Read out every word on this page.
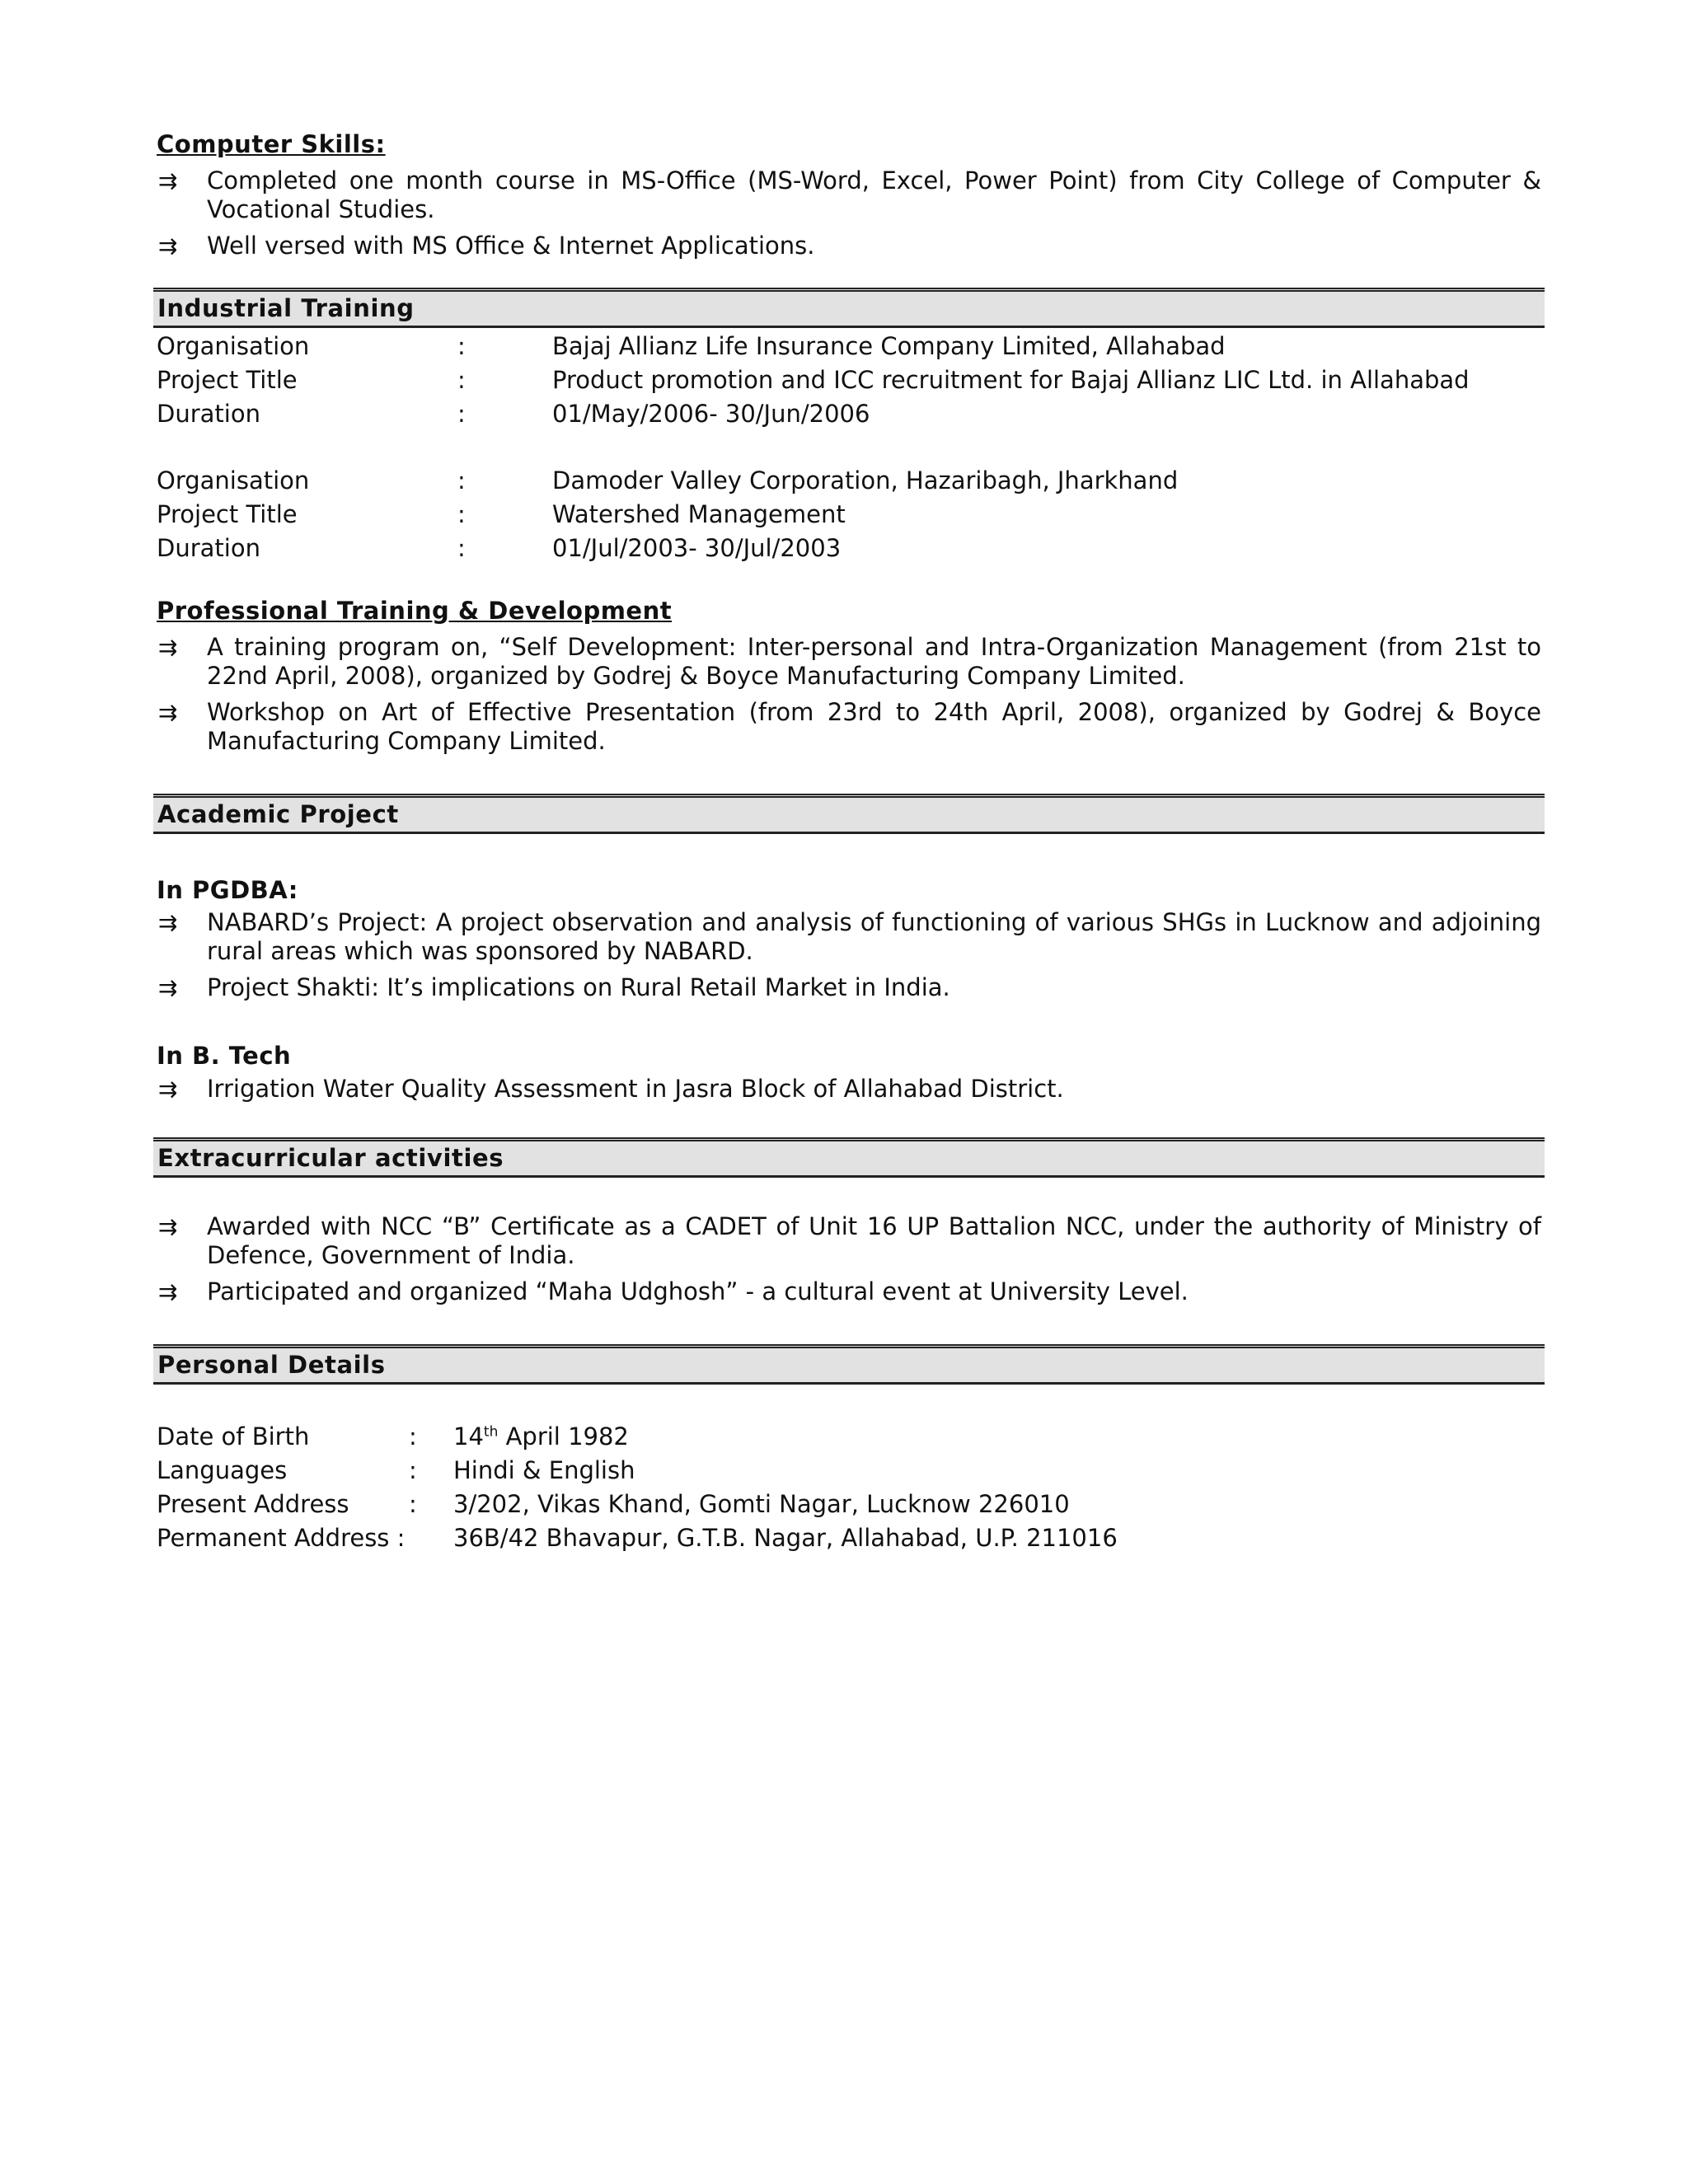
Computer Skills:

⇉ Completed one month course in MS-Office (MS-Word, Excel, Power Point) from City College of Computer & Vocational Studies.
⇉ Well versed with MS Office & Internet Applications.
Industrial Training
Organisation	:	Bajaj Allianz Life Insurance Company Limited, Allahabad
Project Title	:	Product promotion and ICC recruitment for Bajaj Allianz LIC Ltd. in Allahabad
Duration	:	01/May/2006- 30/Jun/2006
Organisation	:	Damoder Valley Corporation, Hazaribagh, Jharkhand
Project Title	:	Watershed Management
Duration	:	01/Jul/2003- 30/Jul/2003

Professional Training & Development

⇉ A training program on, “Self Development: Inter-personal and Intra-Organization Management (from 21st to 22nd April, 2008), organized by Godrej & Boyce Manufacturing Company Limited.
⇉ Workshop on Art of Effective Presentation (from 23rd to 24th April, 2008), organized by Godrej & Boyce Manufacturing Company Limited.
Academic Project

In PGDBA:

⇉ NABARD’s Project: A project observation and analysis of functioning of various SHGs in Lucknow and adjoining rural areas which was sponsored by NABARD.
⇉ Project Shakti: It’s implications on Rural Retail Market in India.

In B. Tech

⇉ Irrigation Water Quality Assessment in Jasra Block of Allahabad District.
Extracurricular activities
⇉ Awarded with NCC “B” Certificate as a CADET of Unit 16 UP Battalion NCC, under the authority of Ministry of Defence, Government of India.
⇉ Participated and organized “Maha Udghosh” - a cultural event at University Level.
Personal Details
Date of Birth	:	14th April 1982
Languages	:	Hindi & English
Present Address	:	3/202, Vikas Khand, Gomti Nagar, Lucknow 226010
Permanent Address :	36B/42 Bhavapur, G.T.B. Nagar, Allahabad, U.P. 211016
